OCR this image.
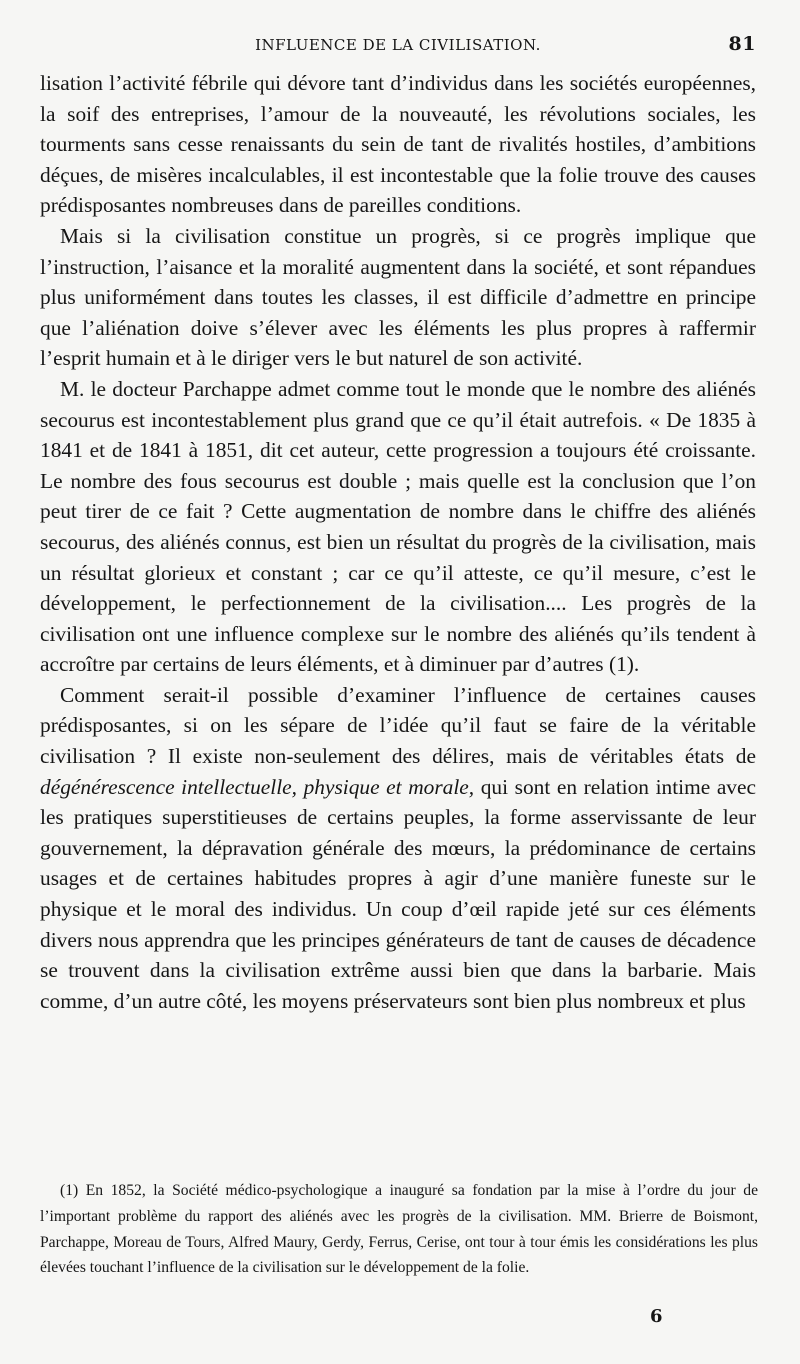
INFLUENCE DE LA CIVILISATION.	81

lisation l’activité fébrile qui dévore tant d’individus dans les sociétés européennes, la soif des entreprises, l’amour de la nouveauté, les révolutions sociales, les tourments sans cesse renaissants du sein de tant de rivalités hostiles, d’ambitions déçues, de misères incalculables, il est incontestable que la folie trouve des causes prédisposantes nombreuses dans de pareilles conditions.

Mais si la civilisation constitue un progrès, si ce progrès implique que l’instruction, l’aisance et la moralité augmentent dans la société, et sont répandues plus uniformément dans toutes les classes, il est difficile d’admettre en principe que l’aliénation doive s’élever avec les éléments les plus propres à raffermir l’esprit humain et à le diriger vers le but naturel de son activité.

M. le docteur Parchappe admet comme tout le monde que le nombre des aliénés secourus est incontestablement plus grand que ce qu’il était autrefois. « De 1835 à 1841 et de 1841 à 1851, dit cet auteur, cette progression a toujours été croissante. Le nombre des fous secourus est double ; mais quelle est la conclusion que l’on peut tirer de ce fait ? Cette augmentation de nombre dans le chiffre des aliénés secourus, des aliénés connus, est bien un résultat du progrès de la civilisation, mais un résultat glorieux et constant ; car ce qu’il atteste, ce qu’il mesure, c’est le développement, le perfectionnement de la civilisation.... Les progrès de la civilisation ont une influence complexe sur le nombre des aliénés qu’ils tendent à accroître par certains de leurs éléments, et à diminuer par d’autres (1).

Comment serait-il possible d’examiner l’influence de certaines causes prédisposantes, si on les sépare de l’idée qu’il faut se faire de la véritable civilisation ? Il existe non-seulement des délires, mais de véritables états de dégénérescence intellectuelle, physique et morale, qui sont en relation intime avec les pratiques superstitieuses de certains peuples, la forme asservissante de leur gouvernement, la dépravation générale des mœurs, la prédominance de certains usages et de certaines habitudes propres à agir d’une manière funeste sur le physique et le moral des individus. Un coup d’œil rapide jeté sur ces éléments divers nous apprendra que les principes générateurs de tant de causes de décadence se trouvent dans la civilisation extrême aussi bien que dans la barbarie. Mais comme, d’un autre côté, les moyens préservateurs sont bien plus nombreux et plus

(1) En 1852, la Société médico-psychologique a inauguré sa fondation par la mise à l’ordre du jour de l’important problème du rapport des aliénés avec les progrès de la civilisation. MM. Brierre de Boismont, Parchappe, Moreau de Tours, Alfred Maury, Gerdy, Ferrus, Cerise, ont tour à tour émis les considérations les plus élevées touchant l’influence de la civilisation sur le développement de la folie.

6
